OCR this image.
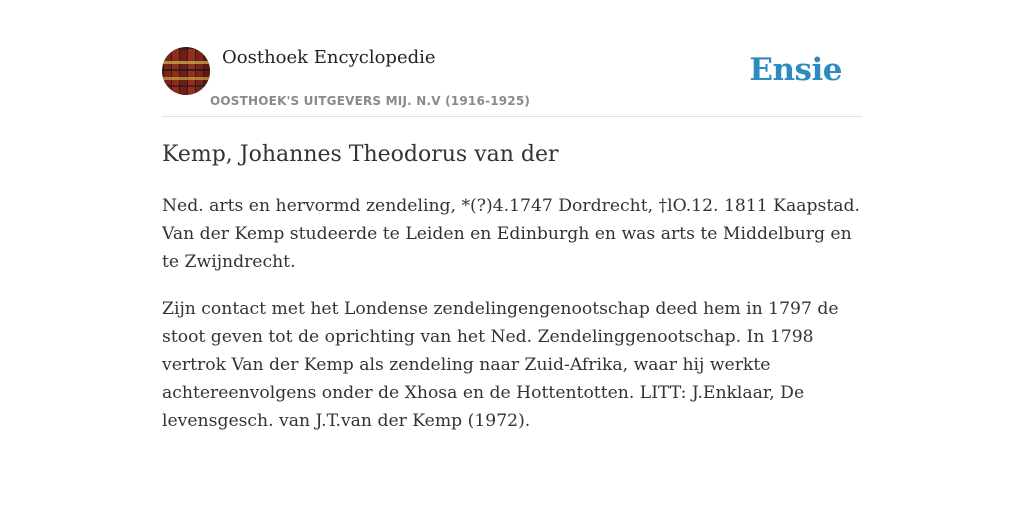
Oosthoek Encyclopedie
OOSTHOEK'S UITGEVERS MIJ. N.V (1916-1925)
Ensie
Kemp, Johannes Theodorus van der

Ned. arts en hervormd zendeling, *(?)4.1747 Dordrecht, †lO.12. 1811 Kaapstad. Van der Kemp studeerde te Leiden en Edinburgh en was arts te Middelburg en te Zwijndrecht.

Zijn contact met het Londense zendelingengenootschap deed hem in 1797 de stoot geven tot de oprichting van het Ned. Zendelinggenootschap. In 1798 vertrok Van der Kemp als zendeling naar Zuid-Afrika, waar hij werkte achtereenvolgens onder de Xhosa en de Hottentotten. LITT: J.Enklaar, De levensgesch. van J.T.van der Kemp (1972).
